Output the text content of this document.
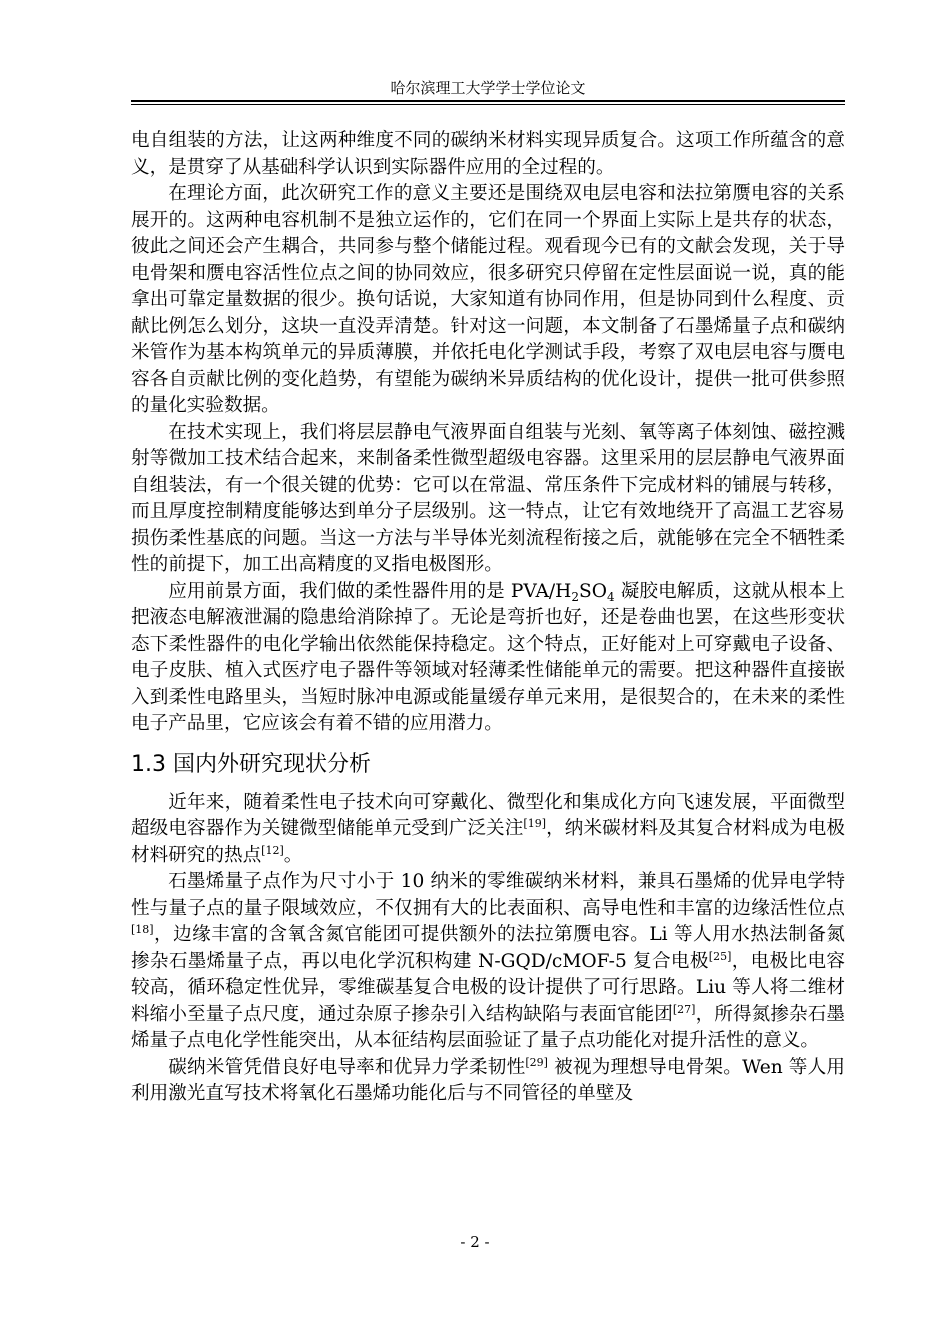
哈尔滨理工大学学士学位论文

电自组装的方法，让这两种维度不同的碳纳米材料实现异质复合。这项工作所蕴含的意义，是贯穿了从基础科学认识到实际器件应用的全过程的。

在理论方面，此次研究工作的意义主要还是围绕双电层电容和法拉第赝电容的关系展开的。这两种电容机制不是独立运作的，它们在同一个界面上实际上是共存的状态，彼此之间还会产生耦合，共同参与整个储能过程。观看现今已有的文献会发现，关于导电骨架和赝电容活性位点之间的协同效应，很多研究只停留在定性层面说一说，真的能拿出可靠定量数据的很少。换句话说，大家知道有协同作用，但是协同到什么程度、贡献比例怎么划分，这块一直没弄清楚。针对这一问题，本文制备了石墨烯量子点和碳纳米管作为基本构筑单元的异质薄膜，并依托电化学测试手段，考察了双电层电容与赝电容各自贡献比例的变化趋势，有望能为碳纳米异质结构的优化设计，提供一批可供参照的量化实验数据。

在技术实现上，我们将层层静电气液界面自组装与光刻、氧等离子体刻蚀、磁控溅射等微加工技术结合起来，来制备柔性微型超级电容器。这里采用的层层静电气液界面自组装法，有一个很关键的优势：它可以在常温、常压条件下完成材料的铺展与转移，而且厚度控制精度能够达到单分子层级别。这一特点，让它有效地绕开了高温工艺容易损伤柔性基底的问题。当这一方法与半导体光刻流程衔接之后，就能够在完全不牺牲柔性的前提下，加工出高精度的叉指电极图形。

应用前景方面，我们做的柔性器件用的是 PVA/$H_2SO_4$ 凝胶电解质，这就从根本上把液态电解液泄漏的隐患给消除掉了。无论是弯折也好，还是卷曲也罢，在这些形变状态下柔性器件的电化学输出依然能保持稳定。这个特点，正好能对上可穿戴电子设备、电子皮肤、植入式医疗电子器件等领域对轻薄柔性储能单元的需要。把这种器件直接嵌入到柔性电路里头，当短时脉冲电源或能量缓存单元来用，是很契合的，在未来的柔性电子产品里，它应该会有着不错的应用潜力。

1.3 国内外研究现状分析

近年来，随着柔性电子技术向可穿戴化、微型化和集成化方向飞速发展，平面微型超级电容器作为关键微型储能单元受到广泛关注[19]，纳米碳材料及其复合材料成为电极材料研究的热点[12]。

石墨烯量子点作为尺寸小于 10 纳米的零维碳纳米材料，兼具石墨烯的优异电学特性与量子点的量子限域效应，不仅拥有大的比表面积、高导电性和丰富的边缘活性位点[18]，边缘丰富的含氧含氮官能团可提供额外的法拉第赝电容。Li 等人用水热法制备氮掺杂石墨烯量子点，再以电化学沉积构建 N-GQD/cMOF-5 复合电极[25]，电极比电容较高，循环稳定性优异，零维碳基复合电极的设计提供了可行思路。Liu 等人将二维材料缩小至量子点尺度，通过杂原子掺杂引入结构缺陷与表面官能团[27]，所得氮掺杂石墨烯量子点电化学性能突出，从本征结构层面验证了量子点功能化对提升活性的意义。

碳纳米管凭借良好电导率和优异力学柔韧性[29] 被视为理想导电骨架。Wen 等人用利用激光直写技术将氧化石墨烯功能化后与不同管径的单壁及

- 2 -
